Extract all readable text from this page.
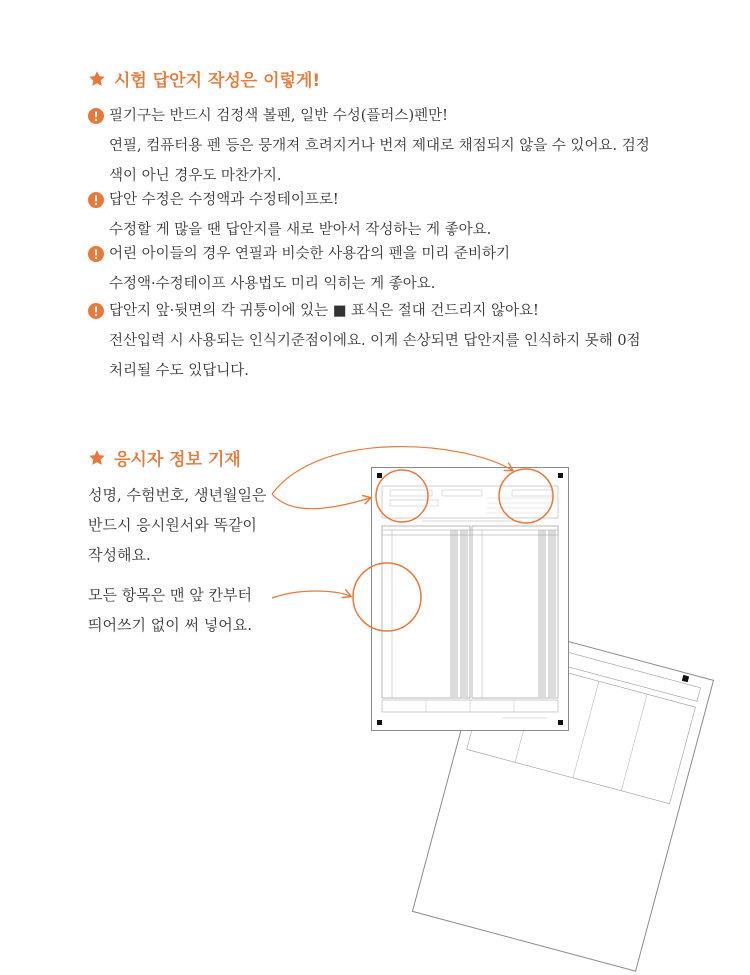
시험 답안지 작성은 이렇게!
필기구는 반드시 검정색 볼펜, 일반 수성(플러스)펜만!
연필, 컴퓨터용 펜 등은 뭉개져 흐려지거나 번져 제대로 채점되지 않을 수 있어요. 검정
색이 아닌 경우도 마찬가지.
답안 수정은 수정액과 수정테이프로!
수정할 게 많을 땐 답안지를 새로 받아서 작성하는 게 좋아요.
어린 아이들의 경우 연필과 비슷한 사용감의 펜을 미리 준비하기
수정액·수정테이프 사용법도 미리 익히는 게 좋아요.
답안지 앞·뒷면의 각 귀퉁이에 있는 ■ 표식은 절대 건드리지 않아요!
전산입력 시 사용되는 인식기준점이에요. 이게 손상되면 답안지를 인식하지 못해 0점
처리될 수도 있답니다.
응시자 정보 기재
성명, 수험번호, 생년월일은
반드시 응시원서와 똑같이
작성해요.
모든 항목은 맨 앞 칸부터
띄어쓰기 없이 써 넣어요.
